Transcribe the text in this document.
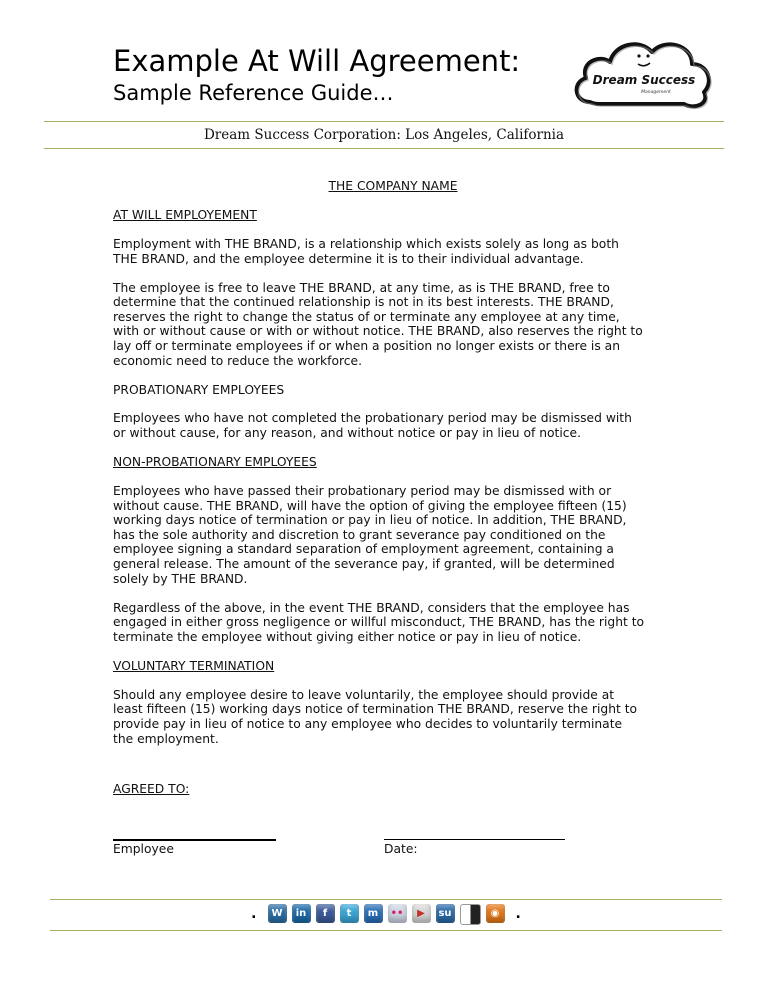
Example At Will Agreement:
Sample Reference Guide…
Dream Success
Management
Dream Success Corporation: Los Angeles, California

THE COMPANY NAME

AT WILL EMPLOYEMENT

Employment with THE BRAND, is a relationship which exists solely as long as both
THE BRAND, and the employee determine it is to their individual advantage.

The employee is free to leave THE BRAND, at any time, as is THE BRAND, free to
determine that the continued relationship is not in its best interests. THE BRAND,
reserves the right to change the status of or terminate any employee at any time,
with or without cause or with or without notice. THE BRAND, also reserves the right to
lay off or terminate employees if or when a position no longer exists or there is an
economic need to reduce the workforce.

PROBATIONARY EMPLOYEES

Employees who have not completed the probationary period may be dismissed with
or without cause, for any reason, and without notice or pay in lieu of notice.

NON-PROBATIONARY EMPLOYEES

Employees who have passed their probationary period may be dismissed with or
without cause. THE BRAND, will have the option of giving the employee fifteen (15)
working days notice of termination or pay in lieu of notice. In addition, THE BRAND,
has the sole authority and discretion to grant severance pay conditioned on the
employee signing a standard separation of employment agreement, containing a
general release. The amount of the severance pay, if granted, will be determined
solely by THE BRAND.

Regardless of the above, in the event THE BRAND, considers that the employee has
engaged in either gross negligence or willful misconduct, THE BRAND, has the right to
terminate the employee without giving either notice or pay in lieu of notice.

VOLUNTARY TERMINATION

Should any employee desire to leave voluntarily, the employee should provide at
least fifteen (15) working days notice of termination THE BRAND, reserve the right to
provide pay in lieu of notice to any employee who decides to voluntarily terminate
the employment.

AGREED TO:
Employee	Date:
.	W	in	f	t	m	••	▶	su	◉	.
